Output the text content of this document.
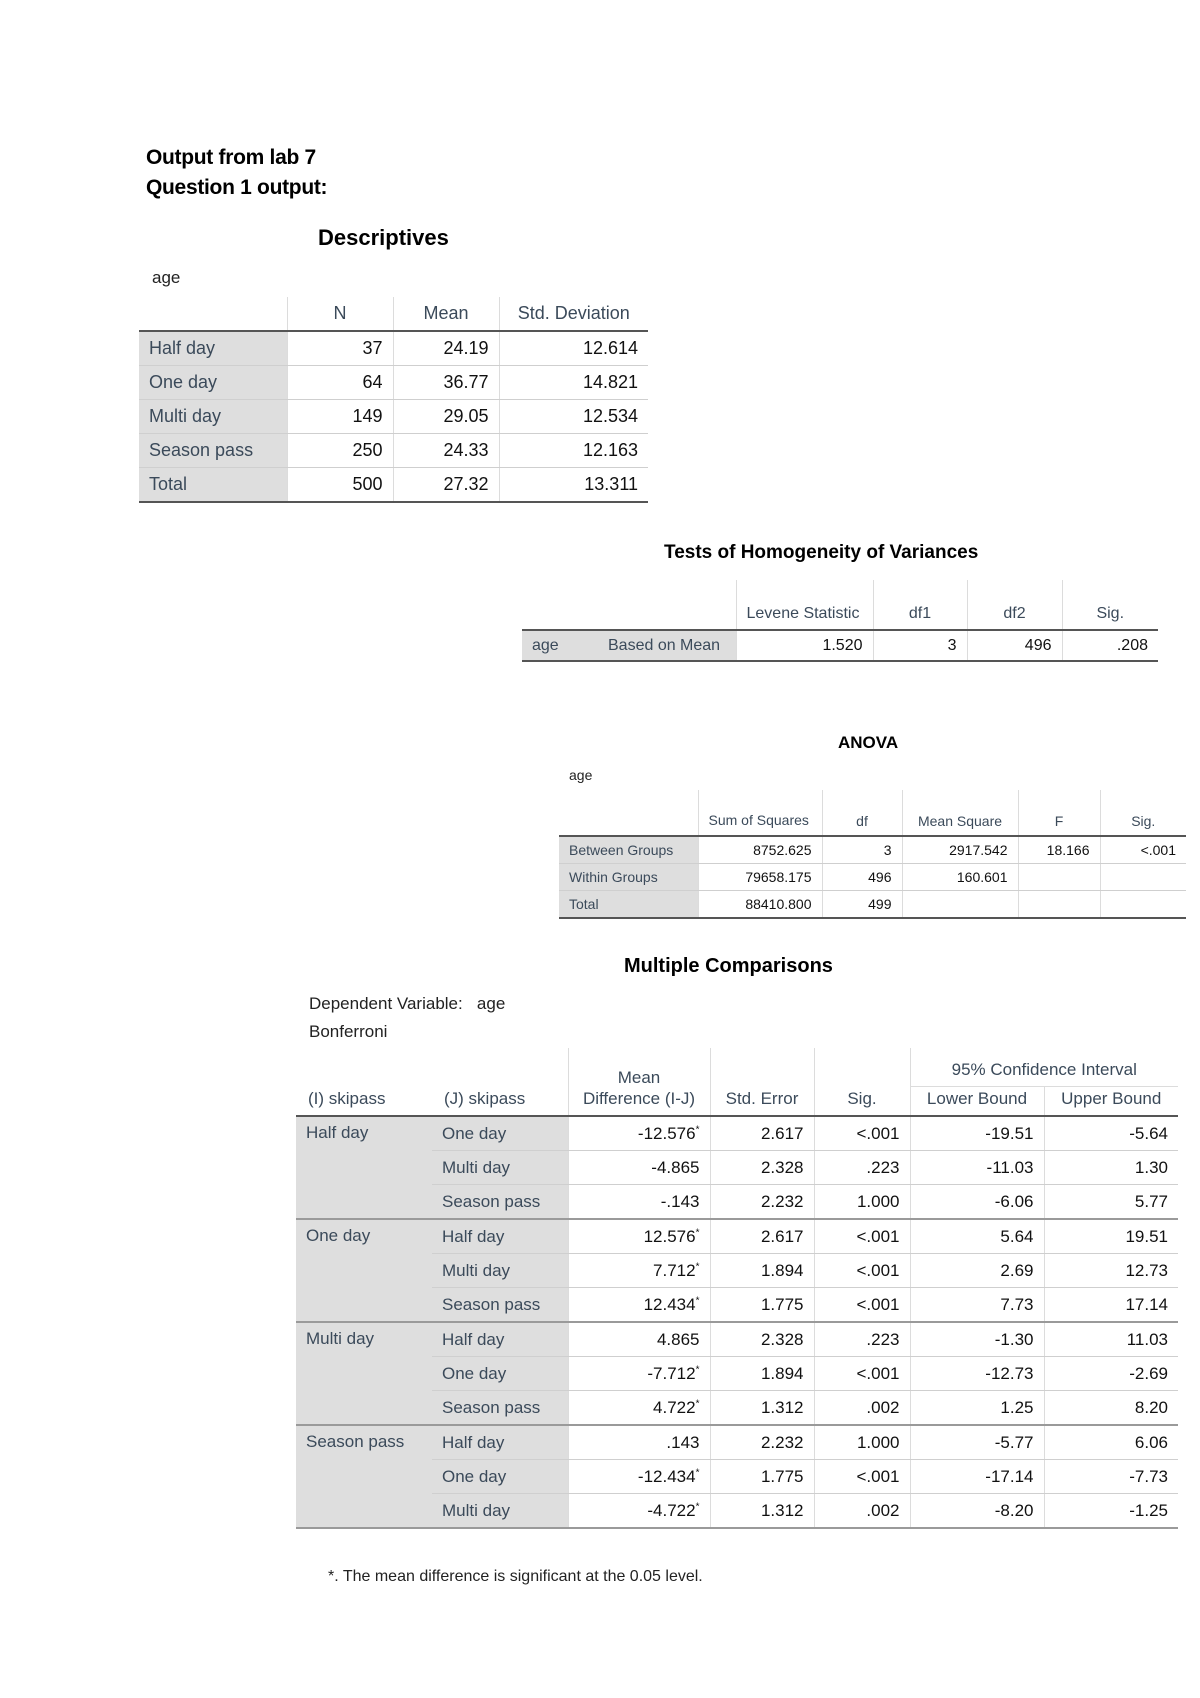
Output from lab 7
Question 1 output:
Descriptives
age
	N	Mean	Std. Deviation
Half day	37	24.19	12.614
One day	64	36.77	14.821
Multi day	149	29.05	12.534
Season pass	250	24.33	12.163
Total	500	27.32	13.311
Tests of Homogeneity of Variances
		Levene Statistic	df1	df2	Sig.
age	Based on Mean	1.520	3	496	.208
ANOVA
age
	Sum of Squares	df	Mean Square	F	Sig.
Between Groups	8752.625	3	2917.542	18.166	<.001
Within Groups	79658.175	496	160.601		
Total	88410.800	499			
Multiple Comparisons
Dependent Variable: age
Bonferroni
		Mean Difference (I-J)	Std. Error	Sig.	95% Confidence Interval	
(I) skipass	(J) skipass				Lower Bound	Upper Bound
Half day	One day	-12.576*	2.617	<.001	-19.51	-5.64
	Multi day	-4.865	2.328	.223	-11.03	1.30
	Season pass	-.143	2.232	1.000	-6.06	5.77
One day	Half day	12.576*	2.617	<.001	5.64	19.51
	Multi day	7.712*	1.894	<.001	2.69	12.73
	Season pass	12.434*	1.775	<.001	7.73	17.14
Multi day	Half day	4.865	2.328	.223	-1.30	11.03
	One day	-7.712*	1.894	<.001	-12.73	-2.69
	Season pass	4.722*	1.312	.002	1.25	8.20
Season pass	Half day	.143	2.232	1.000	-5.77	6.06
	One day	-12.434*	1.775	<.001	-17.14	-7.73
	Multi day	-4.722*	1.312	.002	-8.20	-1.25
*. The mean difference is significant at the 0.05 level.
